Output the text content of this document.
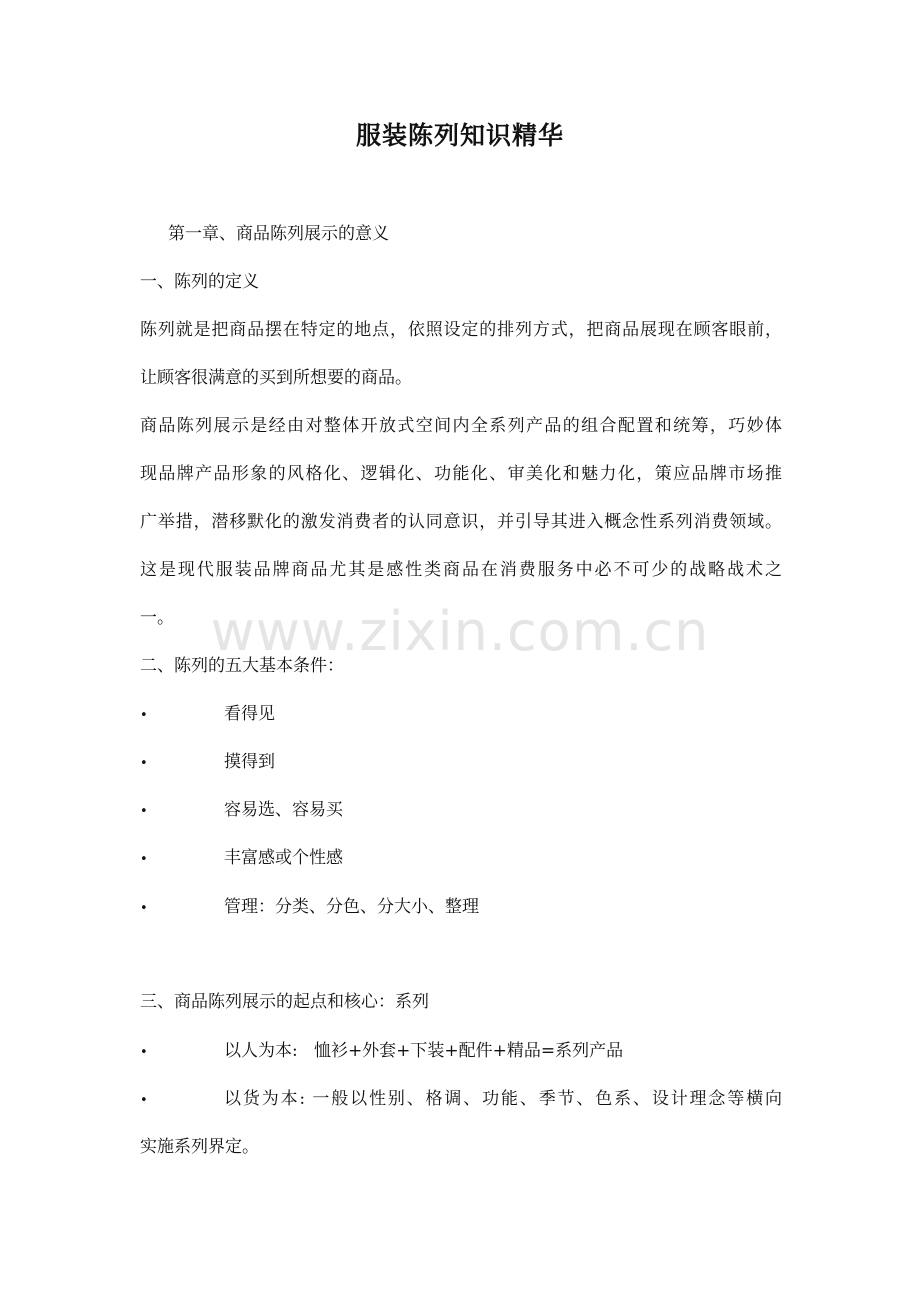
服装陈列知识精华
第一章、商品陈列展示的意义
一、陈列的定义
陈列就是把商品摆在特定的地点，依照设定的排列方式，把商品展现在顾客眼前，
让顾客很满意的买到所想要的商品。
商品陈列展示是经由对整体开放式空间内全系列产品的组合配置和统筹，巧妙体
现品牌产品形象的风格化、逻辑化、功能化、审美化和魅力化，策应品牌市场推
广举措，潜移默化的激发消费者的认同意识，并引导其进入概念性系列消费领域。
这是现代服装品牌商品尤其是感性类商品在消费服务中必不可少的战略战术之
一。
二、陈列的五大基本条件：
•	看得见
•	摸得到
•	容易选、容易买
•	丰富感或个性感
•	管理：分类、分色、分大小、整理
三、商品陈列展示的起点和核心：系列
•	以人为本:   恤衫+外套+下装+配件+精品=系列产品
•	以货为本: 一般以性别、格调、功能、季节、色系、设计理念等横向
实施系列界定。
www.zixin.com.cn
